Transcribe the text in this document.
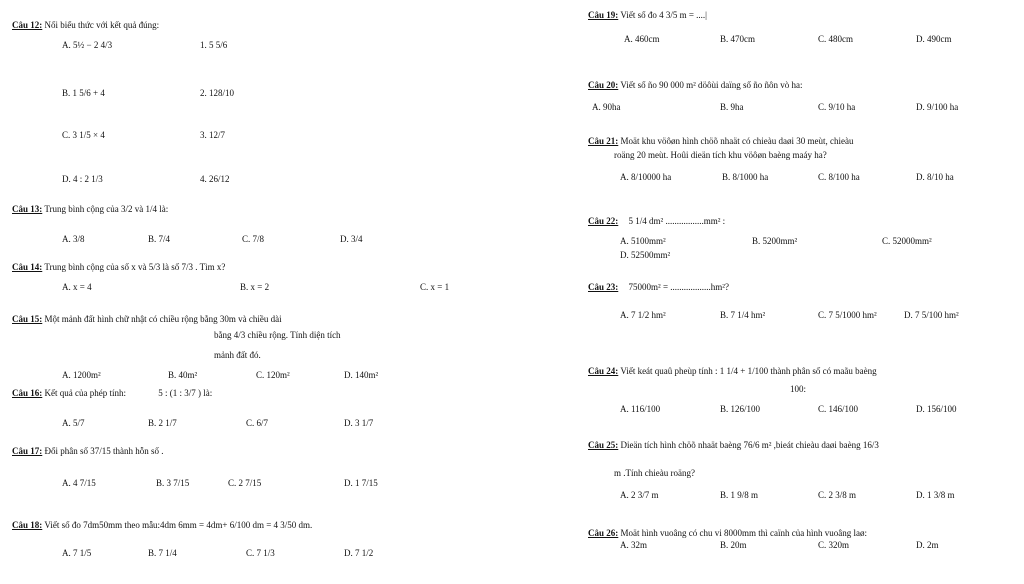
Câu 12: Nối biểu thức với kết quả đúng:
A. 5½ − 2 4/3	1. 5 5/6
B. 1 5/6 + 4	2. 128/10
C. 3 1/5 × 4	3. 12/7
D. 4 : 2 1/3	4. 26/12
Câu 13: Trung bình cộng của 3/2 và 1/4 là:
A. 3/8	B. 7/4	C. 7/8	D. 3/4
Câu 14: Trung bình cộng của số x và 5/3 là số 7/3 . Tìm x?
A. x = 4	B. x = 2	C. x = 1
Câu 15: Một mảnh đất hình chữ nhật có chiều rộng bằng 30m và chiều dài
bằng 4/3 chiều rộng. Tính diện tích
mảnh đất đó.
A. 1200m²	B. 40m²	C. 120m²	D. 140m²
Câu 16: Kết quả của phép tính:	5 : (1 : 3/7 ) là:
A. 5/7	B. 2 1/7	C. 6/7	D. 3 1/7
Câu 17: Đổi phân số 37/15 thành hỗn số .
A. 4 7/15	B. 3 7/15	C. 2 7/15	D. 1 7/15
Câu 18: Viết số đo 7dm50mm theo mẫu:4dm 6mm = 4dm+ 6/100 dm = 4 3/50 dm.
A. 7 1/5	B. 7 1/4	C. 7 1/3	D. 7 1/2
Câu 19: Viết số đo 4 3/5 m = ....|
A. 460cm	B. 470cm	C. 480cm	D. 490cm
Câu 20: Viết số ño 90 000 m² döôùi daïng số ño ñôn vò ha:
A. 90ha	B. 9ha	C. 9/10 ha	D. 9/100 ha
Câu 21: Moät khu vöôøn hình chöõ nhaät có chieàu daøi 30 meùt, chieàu
roäng 20 meùt. Hoûi dieän tích khu vöôøn baèng maáy ha?
A. 8/10000 ha	B. 8/1000 ha	C. 8/100 ha	D. 8/10 ha
Câu 22: 5 1/4 dm² .................mm² :
A. 5100mm²	B. 5200mm²	C. 52000mm²
D. 52500mm²
Câu 23: 75000m² = ..................hm²?
A. 7 1/2 hm²	B. 7 1/4 hm²	C. 7 5/1000 hm²	D. 7 5/100 hm²
Câu 24: Viết keát quaû pheùp tính : 1 1/4 + 1/100 thành phân số có maãu baèng
100:
A. 116/100	B. 126/100	C. 146/100	D. 156/100
Câu 25: Dieän tích hình chöõ nhaät baèng 76/6 m² ,bieát chieàu daøi baèng 16/3
m .Tính chieàu roäng?
A. 2 3/7 m	B. 1 9/8 m	C. 2 3/8 m	D. 1 3/8 m
Câu 26: Moät hình vuoâng có chu vi 8000mm thì caïnh của hình vuoâng laø:
A. 32m	B. 20m	C. 320m	D. 2m
